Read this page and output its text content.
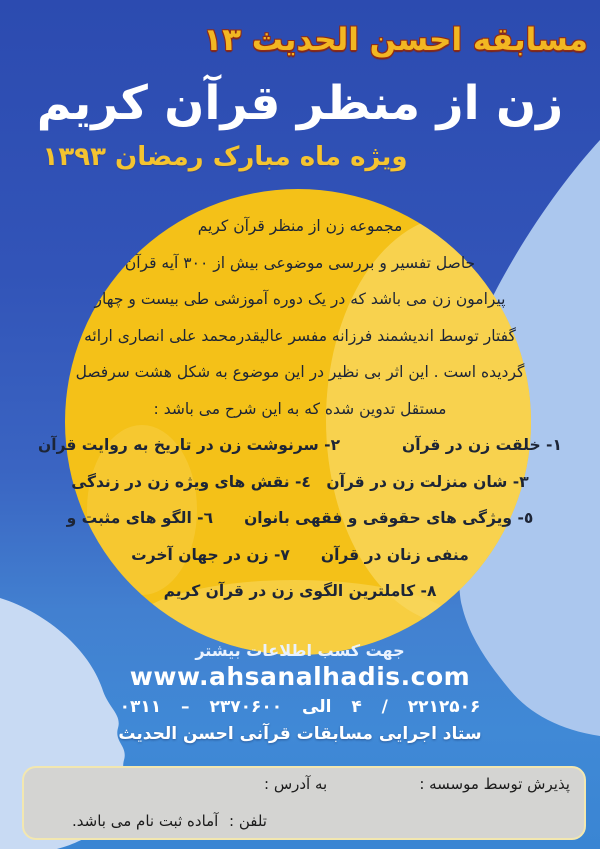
مسابقه احسن الحدیث ۱۳
زن از منظر قرآن کریم
ویژه ماه مبارک رمضان ۱۳۹۳
مجموعه زن از منظر قرآن کریم
حاصل تفسیر و بررسی موضوعی بیش از ۳۰۰ آیه قرآن
پیرامون زن می باشد که در یک دوره آموزشی طی بیست و چهار
گفتار توسط اندیشمند فرزانه مفسر عالیقدرمحمد علی انصاری ارائه
گردیده است . این اثر بی نظیر در این موضوع به شکل هشت سرفصل
مستقل تدوین شده که به این شرح می باشد :
۱- خلقت زن در قرآن    ۲- سرنوشت زن در تاریخ به روایت قرآن
۳- شان منزلت زن در قرآن ٤- نقش های ویژه زن در زندگی
٥- ویژگی های حقوقی و فقهی بانوان  ٦- الگو های مثبت و
منفی زنان در قرآن  ۷- زن در جهان آخرت
۸- کاملترین الگوی زن در قرآن کریم
جهت کسب اطلاعات بیشتر
www.ahsanalhadis.com
۲۲۱۲۵۰۶ / ۴ الی ۲۳۷۰۶۰۰ – ۰۳۱۱
ستاد اجرایی مسابقات قرآنی احسن الحدیث
پذیرش توسط موسسه :
به آدرس :
تلفن :
آماده ثبت نام می باشد.
